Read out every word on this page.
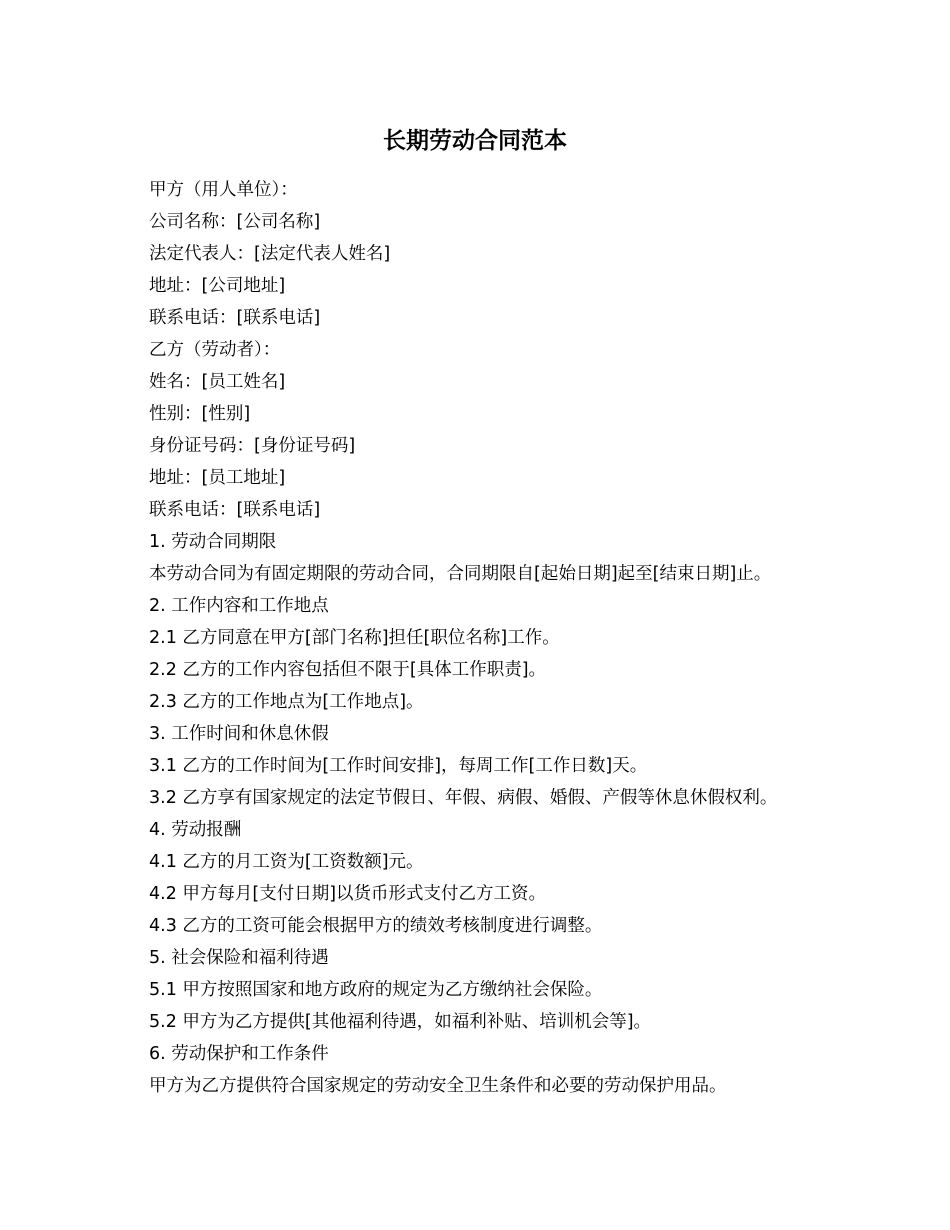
长期劳动合同范本
甲方（用人单位）：
公司名称：[公司名称]
法定代表人：[法定代表人姓名]
地址：[公司地址]
联系电话：[联系电话]
乙方（劳动者）：
姓名：[员工姓名]
性别：[性别]
身份证号码：[身份证号码]
地址：[员工地址]
联系电话：[联系电话]
1. 劳动合同期限
本劳动合同为有固定期限的劳动合同，合同期限自[起始日期]起至[结束日期]止。
2. 工作内容和工作地点
2.1 乙方同意在甲方[部门名称]担任[职位名称]工作。
2.2 乙方的工作内容包括但不限于[具体工作职责]。
2.3 乙方的工作地点为[工作地点]。
3. 工作时间和休息休假
3.1 乙方的工作时间为[工作时间安排]，每周工作[工作日数]天。
3.2 乙方享有国家规定的法定节假日、年假、病假、婚假、产假等休息休假权利。
4. 劳动报酬
4.1 乙方的月工资为[工资数额]元。
4.2 甲方每月[支付日期]以货币形式支付乙方工资。
4.3 乙方的工资可能会根据甲方的绩效考核制度进行调整。
5. 社会保险和福利待遇
5.1 甲方按照国家和地方政府的规定为乙方缴纳社会保险。
5.2 甲方为乙方提供[其他福利待遇，如福利补贴、培训机会等]。
6. 劳动保护和工作条件
甲方为乙方提供符合国家规定的劳动安全卫生条件和必要的劳动保护用品。
